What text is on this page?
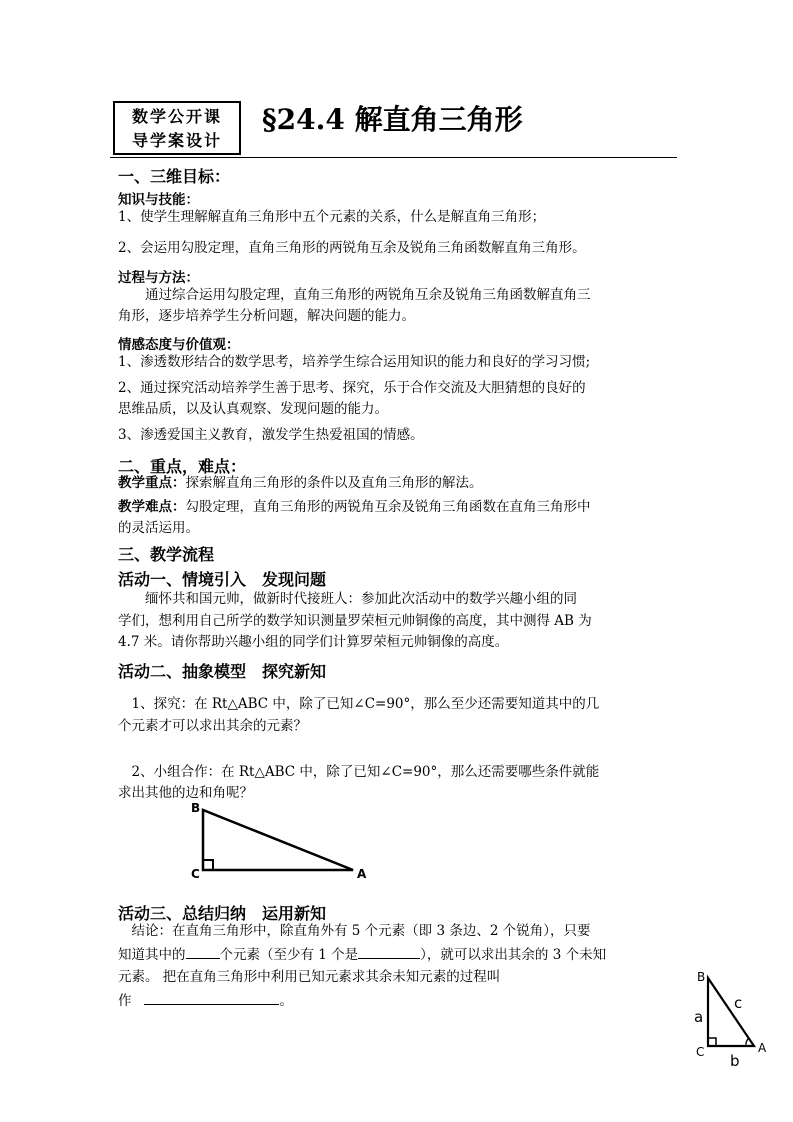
数学公开课
导学案设计
§24.4 解直角三角形
一、三维目标：
知识与技能：
1、使学生理解解直角三角形中五个元素的关系，什么是解直角三角形；
2、会运用勾股定理，直角三角形的两锐角互余及锐角三角函数解直角三角形。
过程与方法：
　　通过综合运用勾股定理，直角三角形的两锐角互余及锐角三角函数解直角三
角形，逐步培养学生分析问题，解决问题的能力。
情感态度与价值观：
1、渗透数形结合的数学思考，培养学生综合运用知识的能力和良好的学习习惯;
2、通过探究活动培养学生善于思考、探究，乐于合作交流及大胆猜想的良好的
思维品质，以及认真观察、发现问题的能力。
3、渗透爱国主义教育，激发学生热爱祖国的情感。
二、重点，难点：
教学重点：探索解直角三角形的条件以及直角三角形的解法。
教学难点：勾股定理，直角三角形的两锐角互余及锐角三角函数在直角三角形中
的灵活运用。
三、教学流程
活动一、情境引入　发现问题
　　缅怀共和国元帅，做新时代接班人：参加此次活动中的数学兴趣小组的同
学们，想利用自己所学的数学知识测量罗荣桓元帅铜像的高度，其中测得 AB 为
4.7 米。请你帮助兴趣小组的同学们计算罗荣桓元帅铜像的高度。
活动二、抽象模型　探究新知
　1、探究：在 Rt△ABC 中，除了已知∠C=90°，那么至少还需要知道其中的几
个元素才可以求出其余的元素？
　2、小组合作：在 Rt△ABC 中，除了已知∠C=90°，那么还需要哪些条件就能
求出其他的边和角呢？
B
C	A
活动三、总结归纳　运用新知
　结论：在直角三角形中，除直角外有 5 个元素（即 3 条边、2 个锐角），只要
知道其中的	个元素（至少有 1 个是	），就可以求出其余的 3 个未知
元素。 把在直角三角形中利用已知元素求其余未知元素的过程叫
作	。
B
C	A
a
b
c
